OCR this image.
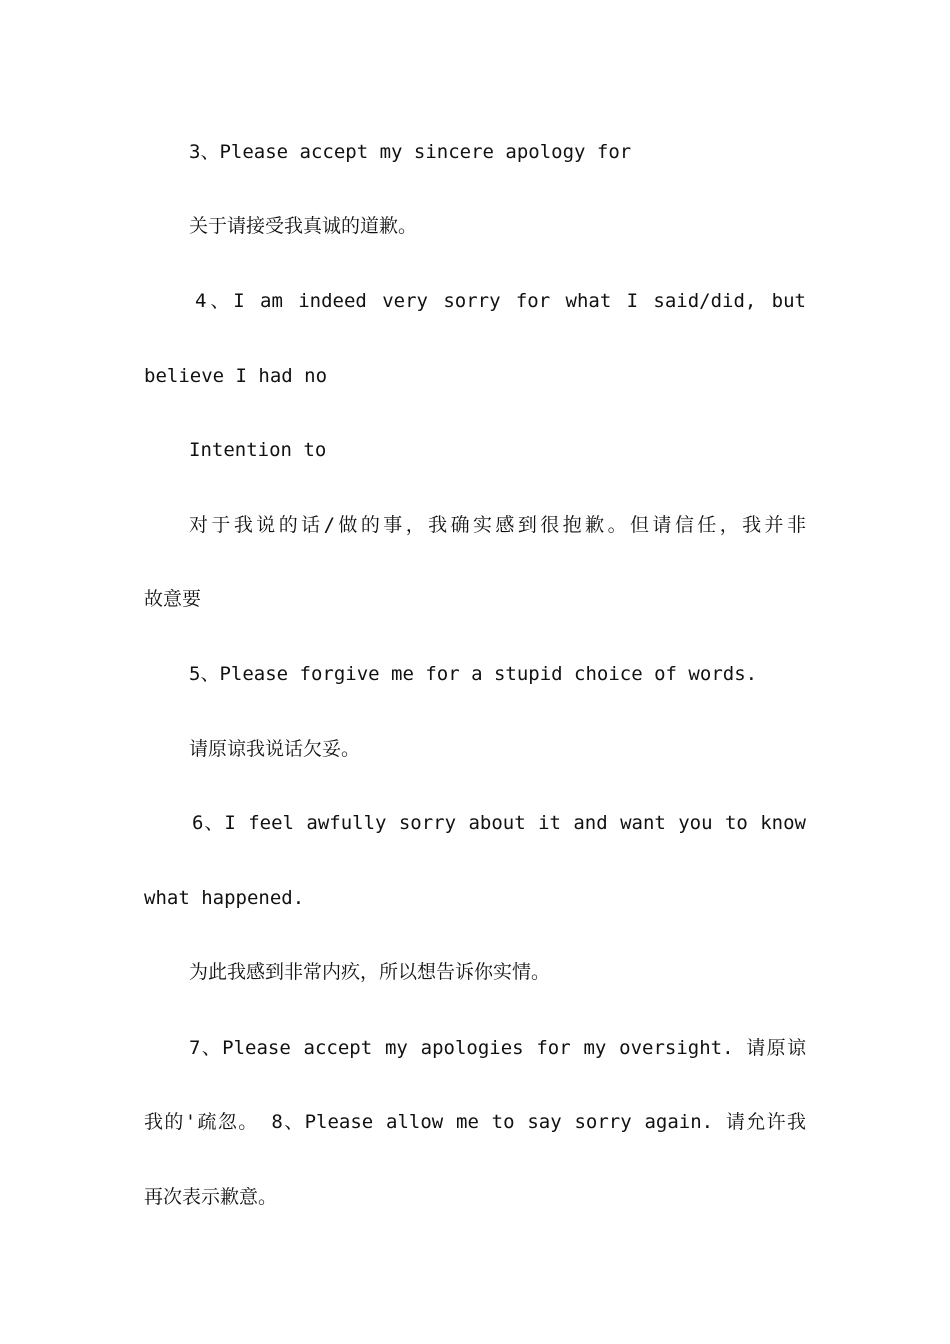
3、Please accept my sincere apology for
关于请接受我真诚的道歉。
4、I am indeed very sorry for what I said/did, but
believe I had no
Intention to
对于我说的话/做的事，我确实感到很抱歉。但请信任，我并非
故意要
5、Please forgive me for a stupid choice of words.
请原谅我说话欠妥。
6、I feel awfully sorry about it and want you to know
what happened.
为此我感到非常内疚，所以想告诉你实情。
7、Please accept my apologies for my oversight. 请原谅
我的'疏忽。 8、Please allow me to say sorry again. 请允许我
再次表示歉意。
